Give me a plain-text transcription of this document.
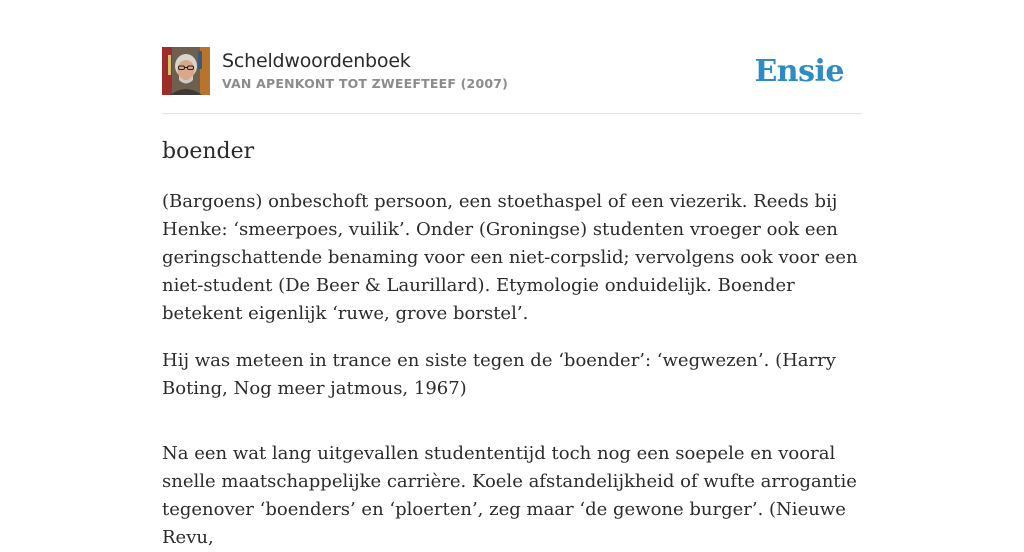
Scheldwoordenboek
VAN APENKONT TOT ZWEEFTEEF (2007)	Ensie
boender

(Bargoens) onbeschoft persoon, een stoethaspel of een viezerik. Reeds bij Henke: ‘smeerpoes, vuilik’. Onder (Groningse) studenten vroeger ook een geringschattende benaming voor een niet-corpslid; vervolgens ook voor een niet-student (De Beer & Laurillard). Etymologie onduidelijk. Boender betekent eigenlijk ‘ruwe, grove borstel’.

Hij was meteen in trance en siste tegen de ‘boender’: ‘wegwezen’. (Harry Boting, Nog meer jatmous, 1967)

Na een wat lang uitgevallen studententijd toch nog een soepele en vooral snelle maatschappelijke carrière. Koele afstandelijkheid of wufte arrogantie tegenover ‘boenders’ en ‘ploerten’, zeg maar ‘de gewone burger’. (Nieuwe Revu,
